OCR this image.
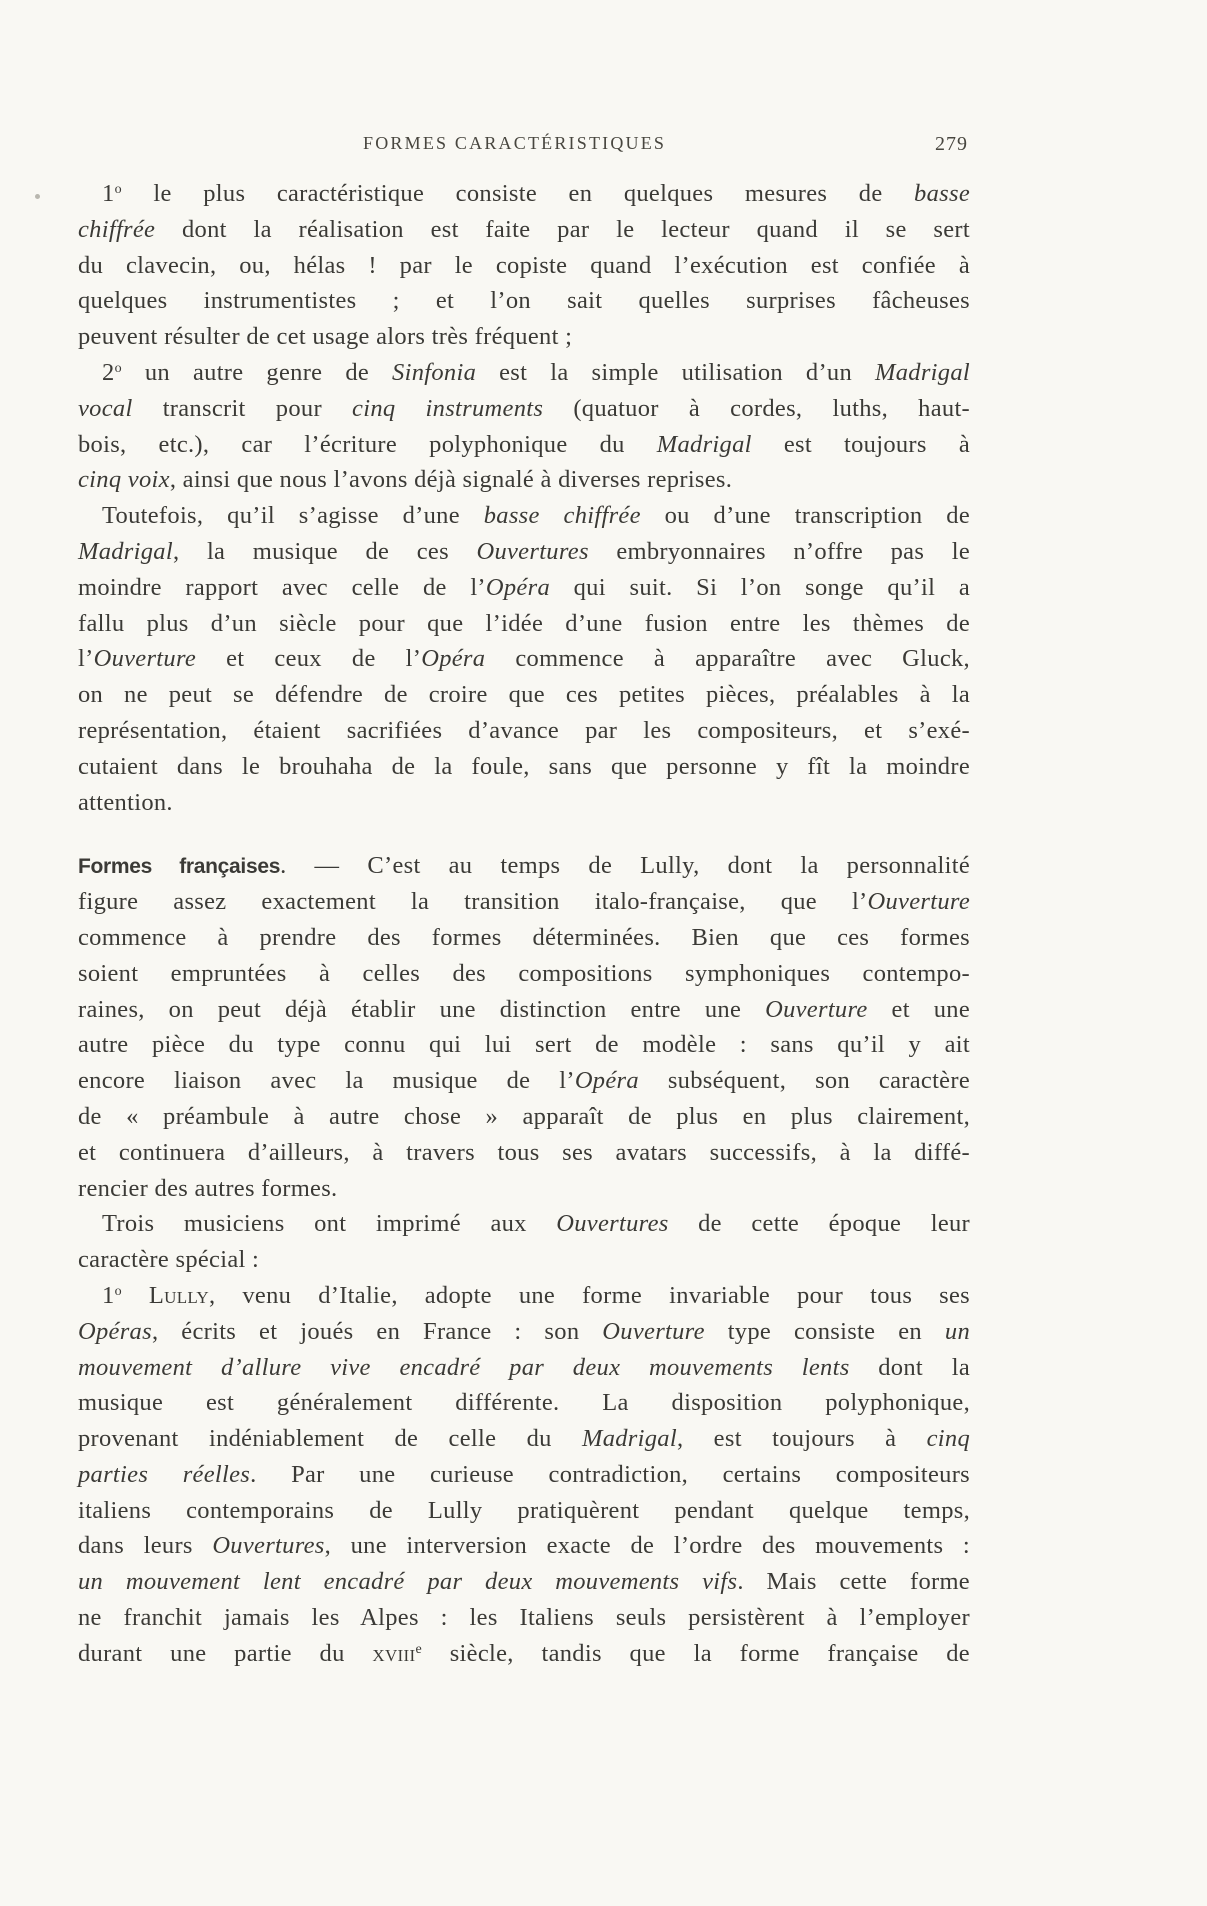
FORMES CARACTÉRISTIQUES	279
1$^o$ le plus caractéristique consiste en quelques mesures de basse
chiffrée dont la réalisation est faite par le lecteur quand il se sert
du clavecin, ou, hélas ! par le copiste quand l’exécution est confiée à
quelques instrumentistes ; et l’on sait quelles surprises fâcheuses
peuvent résulter de cet usage alors très fréquent ;
2$^o$ un autre genre de Sinfonia est la simple utilisation d’un Madrigal
vocal transcrit pour cinq instruments (quatuor à cordes, luths, haut-
bois, etc.), car l’écriture polyphonique du Madrigal est toujours à
cinq voix, ainsi que nous l’avons déjà signalé à diverses reprises.
Toutefois, qu’il s’agisse d’une basse chiffrée ou d’une transcription de
Madrigal, la musique de ces Ouvertures embryonnaires n’offre pas le
moindre rapport avec celle de l’Opéra qui suit. Si l’on songe qu’il a
fallu plus d’un siècle pour que l’idée d’une fusion entre les thèmes de
l’Ouverture et ceux de l’Opéra commence à apparaître avec Gluck,
on ne peut se défendre de croire que ces petites pièces, préalables à la
représentation, étaient sacrifiées d’avance par les compositeurs, et s’exé-
cutaient dans le brouhaha de la foule, sans que personne y fît la moindre
attention.
Formes françaises. — C’est au temps de Lully, dont la personnalité
figure assez exactement la transition italo-française, que l’Ouverture
commence à prendre des formes déterminées. Bien que ces formes
soient empruntées à celles des compositions symphoniques contempo-
raines, on peut déjà établir une distinction entre une Ouverture et une
autre pièce du type connu qui lui sert de modèle : sans qu’il y ait
encore liaison avec la musique de l’Opéra subséquent, son caractère
de « préambule à autre chose » apparaît de plus en plus clairement,
et continuera d’ailleurs, à travers tous ses avatars successifs, à la diffé-
rencier des autres formes.
Trois musiciens ont imprimé aux Ouvertures de cette époque leur
caractère spécial :
1$^o$ Lully, venu d’Italie, adopte une forme invariable pour tous ses
Opéras, écrits et joués en France : son Ouverture type consiste en un
mouvement d’allure vive encadré par deux mouvements lents dont la
musique est généralement différente. La disposition polyphonique,
provenant indéniablement de celle du Madrigal, est toujours à cinq
parties réelles. Par une curieuse contradiction, certains compositeurs
italiens contemporains de Lully pratiquèrent pendant quelque temps,
dans leurs Ouvertures, une interversion exacte de l’ordre des mouvements :
un mouvement lent encadré par deux mouvements vifs. Mais cette forme
ne franchit jamais les Alpes : les Italiens seuls persistèrent à l’employer
durant une partie du xviii$^e$ siècle, tandis que la forme française de
